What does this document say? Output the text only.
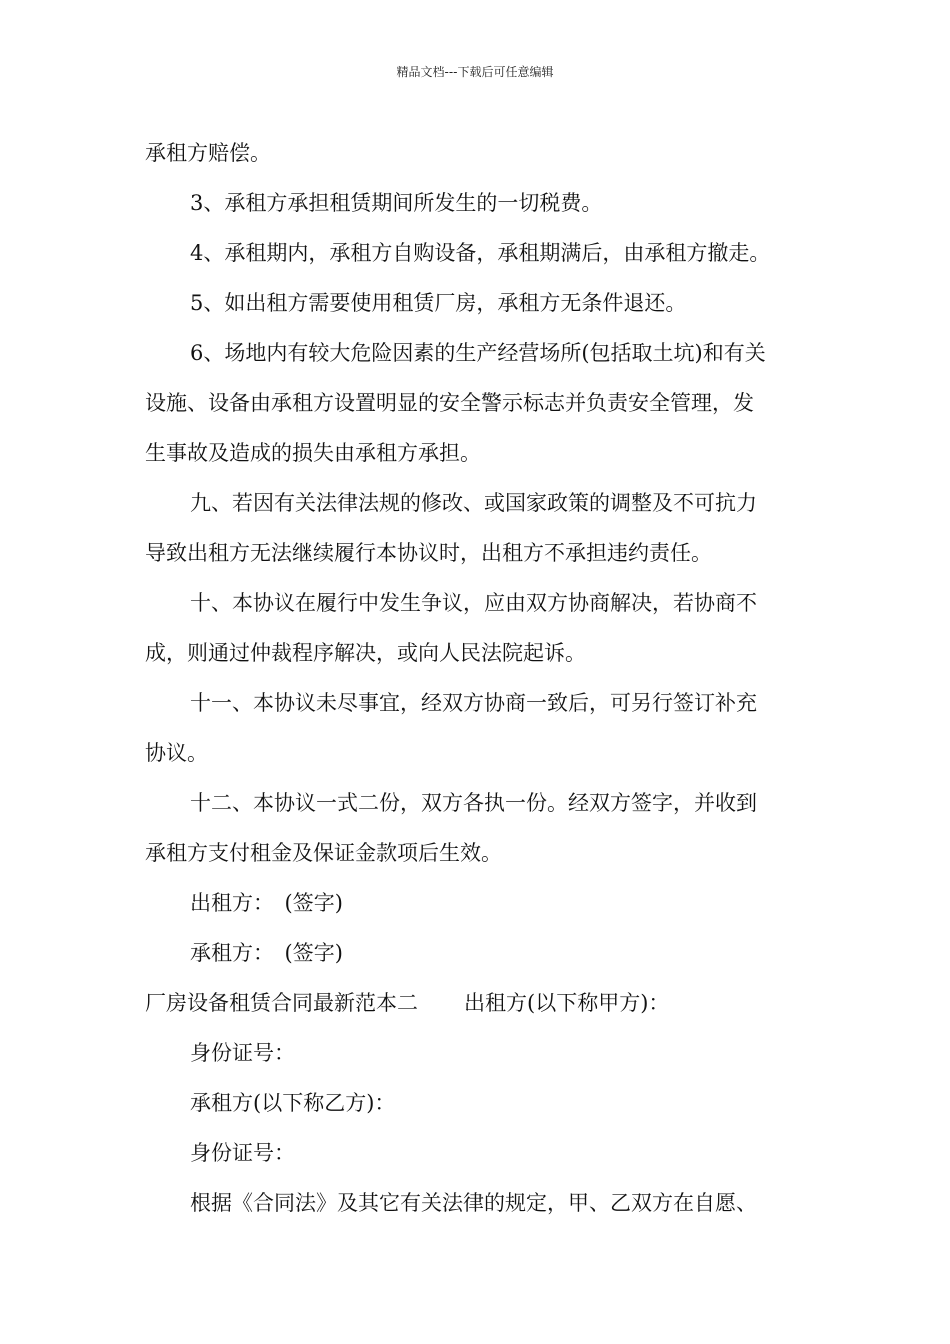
精品文档---下载后可任意编辑
承租方赔偿。
3、承租方承担租赁期间所发生的一切税费。
4、承租期内，承租方自购设备，承租期满后，由承租方撤走。
5、如出租方需要使用租赁厂房，承租方无条件退还。
6、场地内有较大危险因素的生产经营场所(包括取土坑)和有关
设施、设备由承租方设置明显的安全警示标志并负责安全管理，发
生事故及造成的损失由承租方承担。
九、若因有关法律法规的修改、或国家政策的调整及不可抗力
导致出租方无法继续履行本协议时，出租方不承担违约责任。
十、本协议在履行中发生争议，应由双方协商解决，若协商不
成，则通过仲裁程序解决，或向人民法院起诉。
十一、本协议未尽事宜，经双方协商一致后，可另行签订补充
协议。
十二、本协议一式二份，双方各执一份。经双方签字，并收到
承租方支付租金及保证金款项后生效。
出租方：　(签字)
承租方：　(签字)
厂房设备租赁合同最新范本二 出租方(以下称甲方)：
身份证号：
承租方(以下称乙方)：
身份证号：
根据《合同法》及其它有关法律的规定，甲、乙双方在自愿、
